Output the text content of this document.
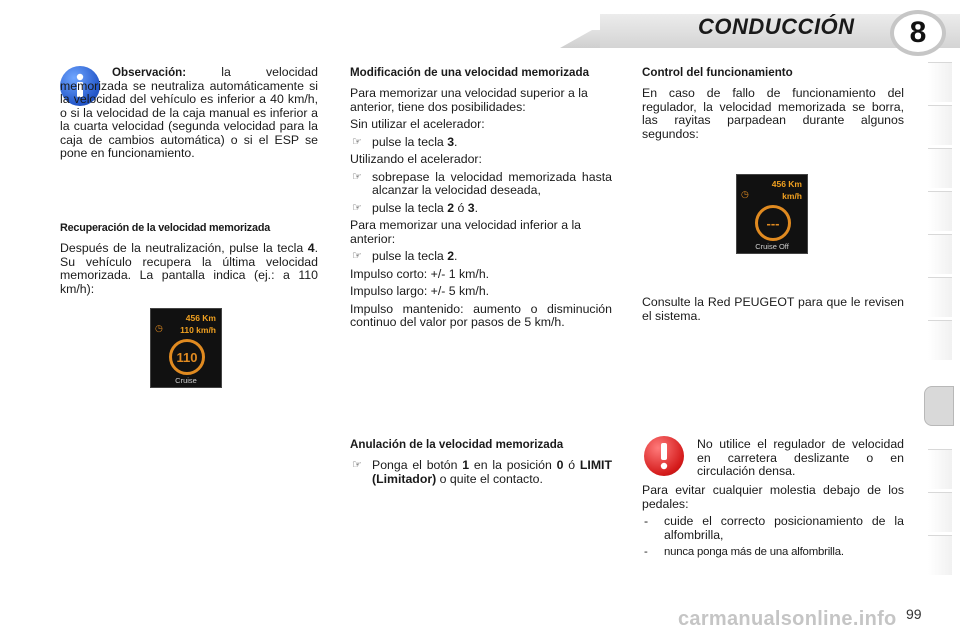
CONDUCCIÓN	8

Observación: la velocidad memorizada se neutraliza automáticamente si la velocidad del vehículo es inferior a 40 km/h, o si la velocidad de la caja manual es inferior a la cuarta velocidad (segunda velocidad para la caja de cambios automática) o si el ESP se pone en funcionamiento.

Recuperación de la velocidad memorizada

Después de la neutralización, pulse la tecla 4. Su vehículo recupera la última velocidad memorizada. La pantalla indica (ej.: a 110 km/h):

456 Km
◷ 110 km/h
110
Cruise

Modificación de una velocidad memorizada

Para memorizar una velocidad superior a la anterior, tiene dos posibilidades:

Sin utilizar el acelerador:

☞ pulse la tecla 3.

Utilizando el acelerador:

☞ sobrepase la velocidad memorizada hasta alcanzar la velocidad deseada,
☞ pulse la tecla 2 ó 3.

Para memorizar una velocidad inferior a la anterior:

☞ pulse la tecla 2.

Impulso corto: +/- 1 km/h.

Impulso largo: +/- 5 km/h.

Impulso mantenido: aumento o disminución continuo del valor por pasos de 5 km/h.

Anulación de la velocidad memorizada

☞ Ponga el botón 1 en la posición 0 ó LIMIT (Limitador) o quite el contacto.

Control del funcionamiento

En caso de fallo de funcionamiento del regulador, la velocidad memorizada se borra, las rayitas parpadean durante algunos segundos:

456 Km
◷	km/h
---
Cruise Off

Consulte la Red PEUGEOT para que le revisen el sistema.

No utilice el regulador de velocidad en carretera deslizante o en circulación densa.

Para evitar cualquier molestia debajo de los pedales:

- cuide el correcto posicionamiento de la alfombrilla,
- nunca ponga más de una alfombrilla.
carmanualsonline.info 99
